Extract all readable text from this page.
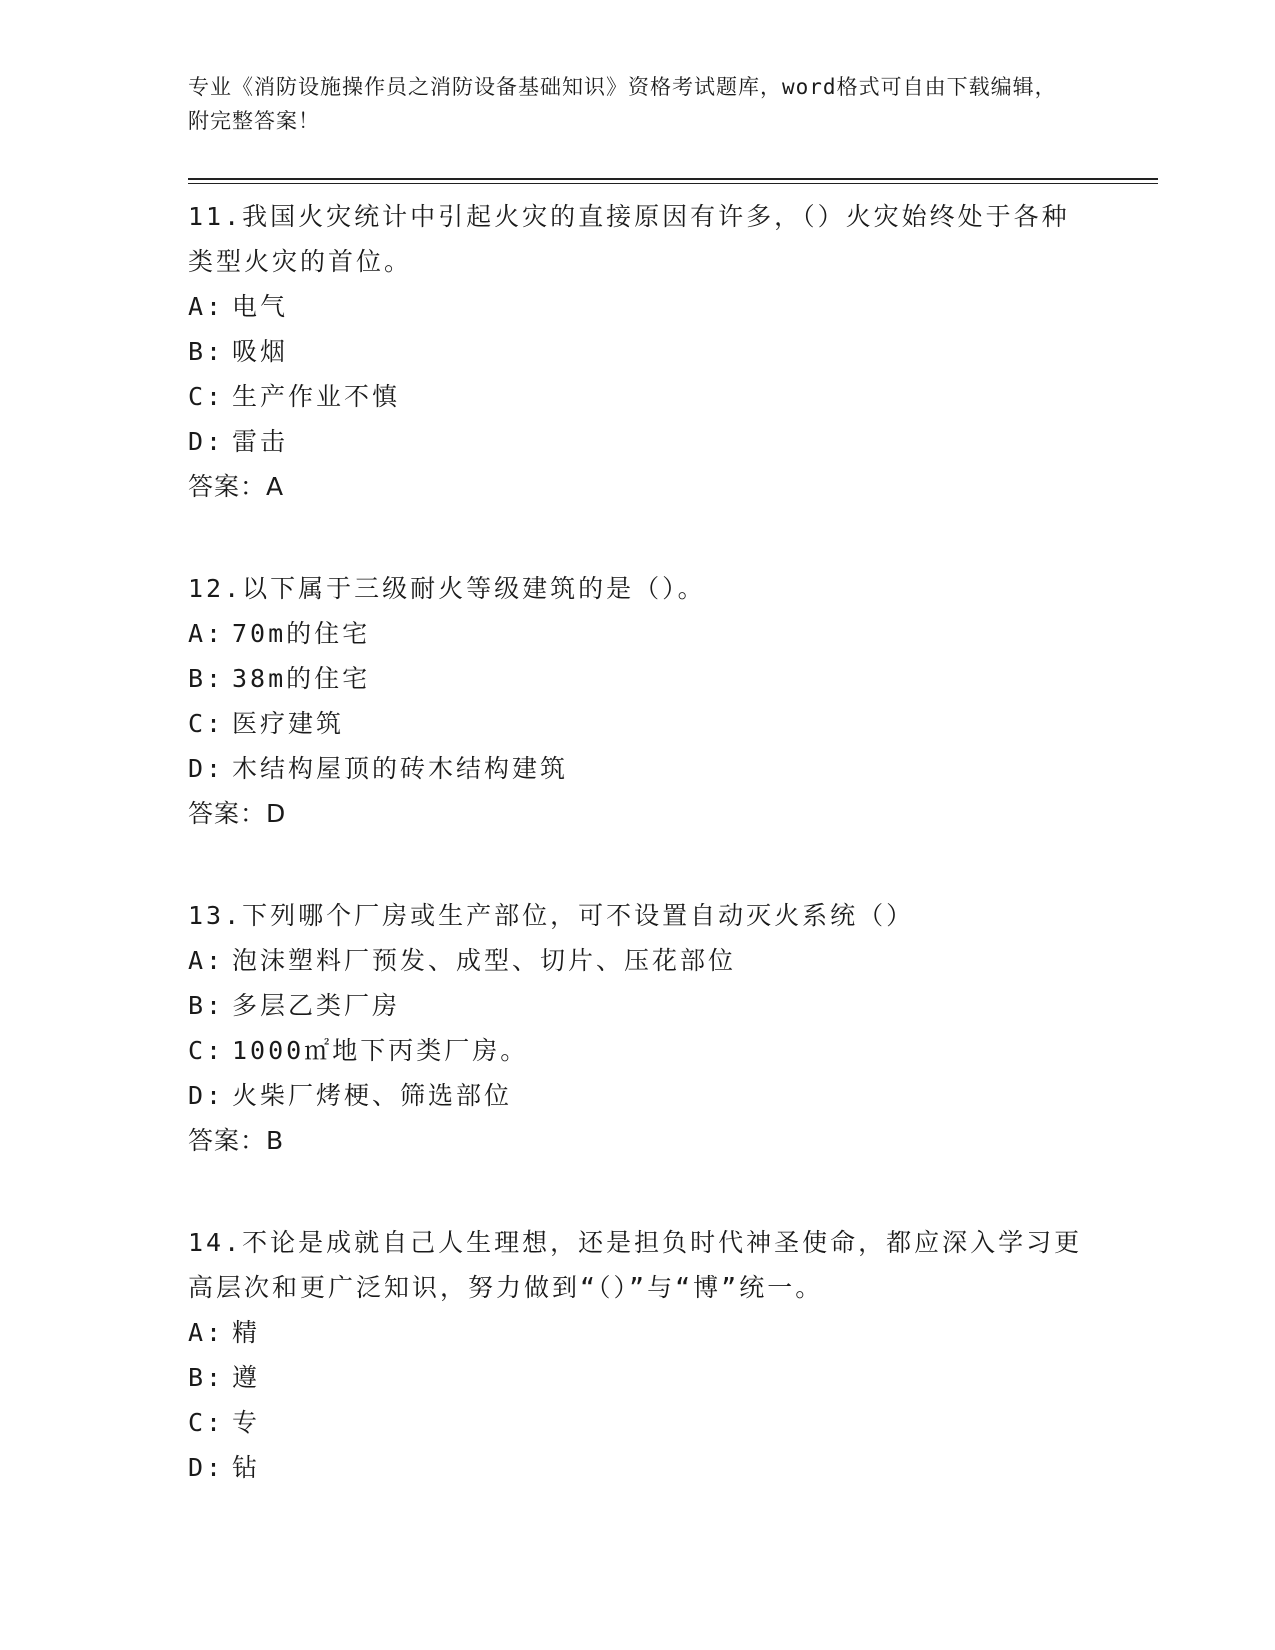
专业《消防设施操作员之消防设备基础知识》资格考试题库，word格式可自由下载编辑，附完整答案！
11.我国火灾统计中引起火灾的直接原因有许多，（）火灾始终处于各种类型火灾的首位。
A: 电气
B: 吸烟
C: 生产作业不慎
D: 雷击
答案：A
12.以下属于三级耐火等级建筑的是（）。
A: 70m的住宅
B: 38m的住宅
C: 医疗建筑
D: 木结构屋顶的砖木结构建筑
答案：D
13.下列哪个厂房或生产部位，可不设置自动灭火系统（）
A: 泡沫塑料厂预发、成型、切片、压花部位
B: 多层乙类厂房
C: 1000㎡地下丙类厂房。
D: 火柴厂烤梗、筛选部位
答案：B
14.不论是成就自己人生理想，还是担负时代神圣使命，都应深入学习更高层次和更广泛知识，努力做到“（）”与“博”统一。
A: 精
B: 遵
C: 专
D: 钻
